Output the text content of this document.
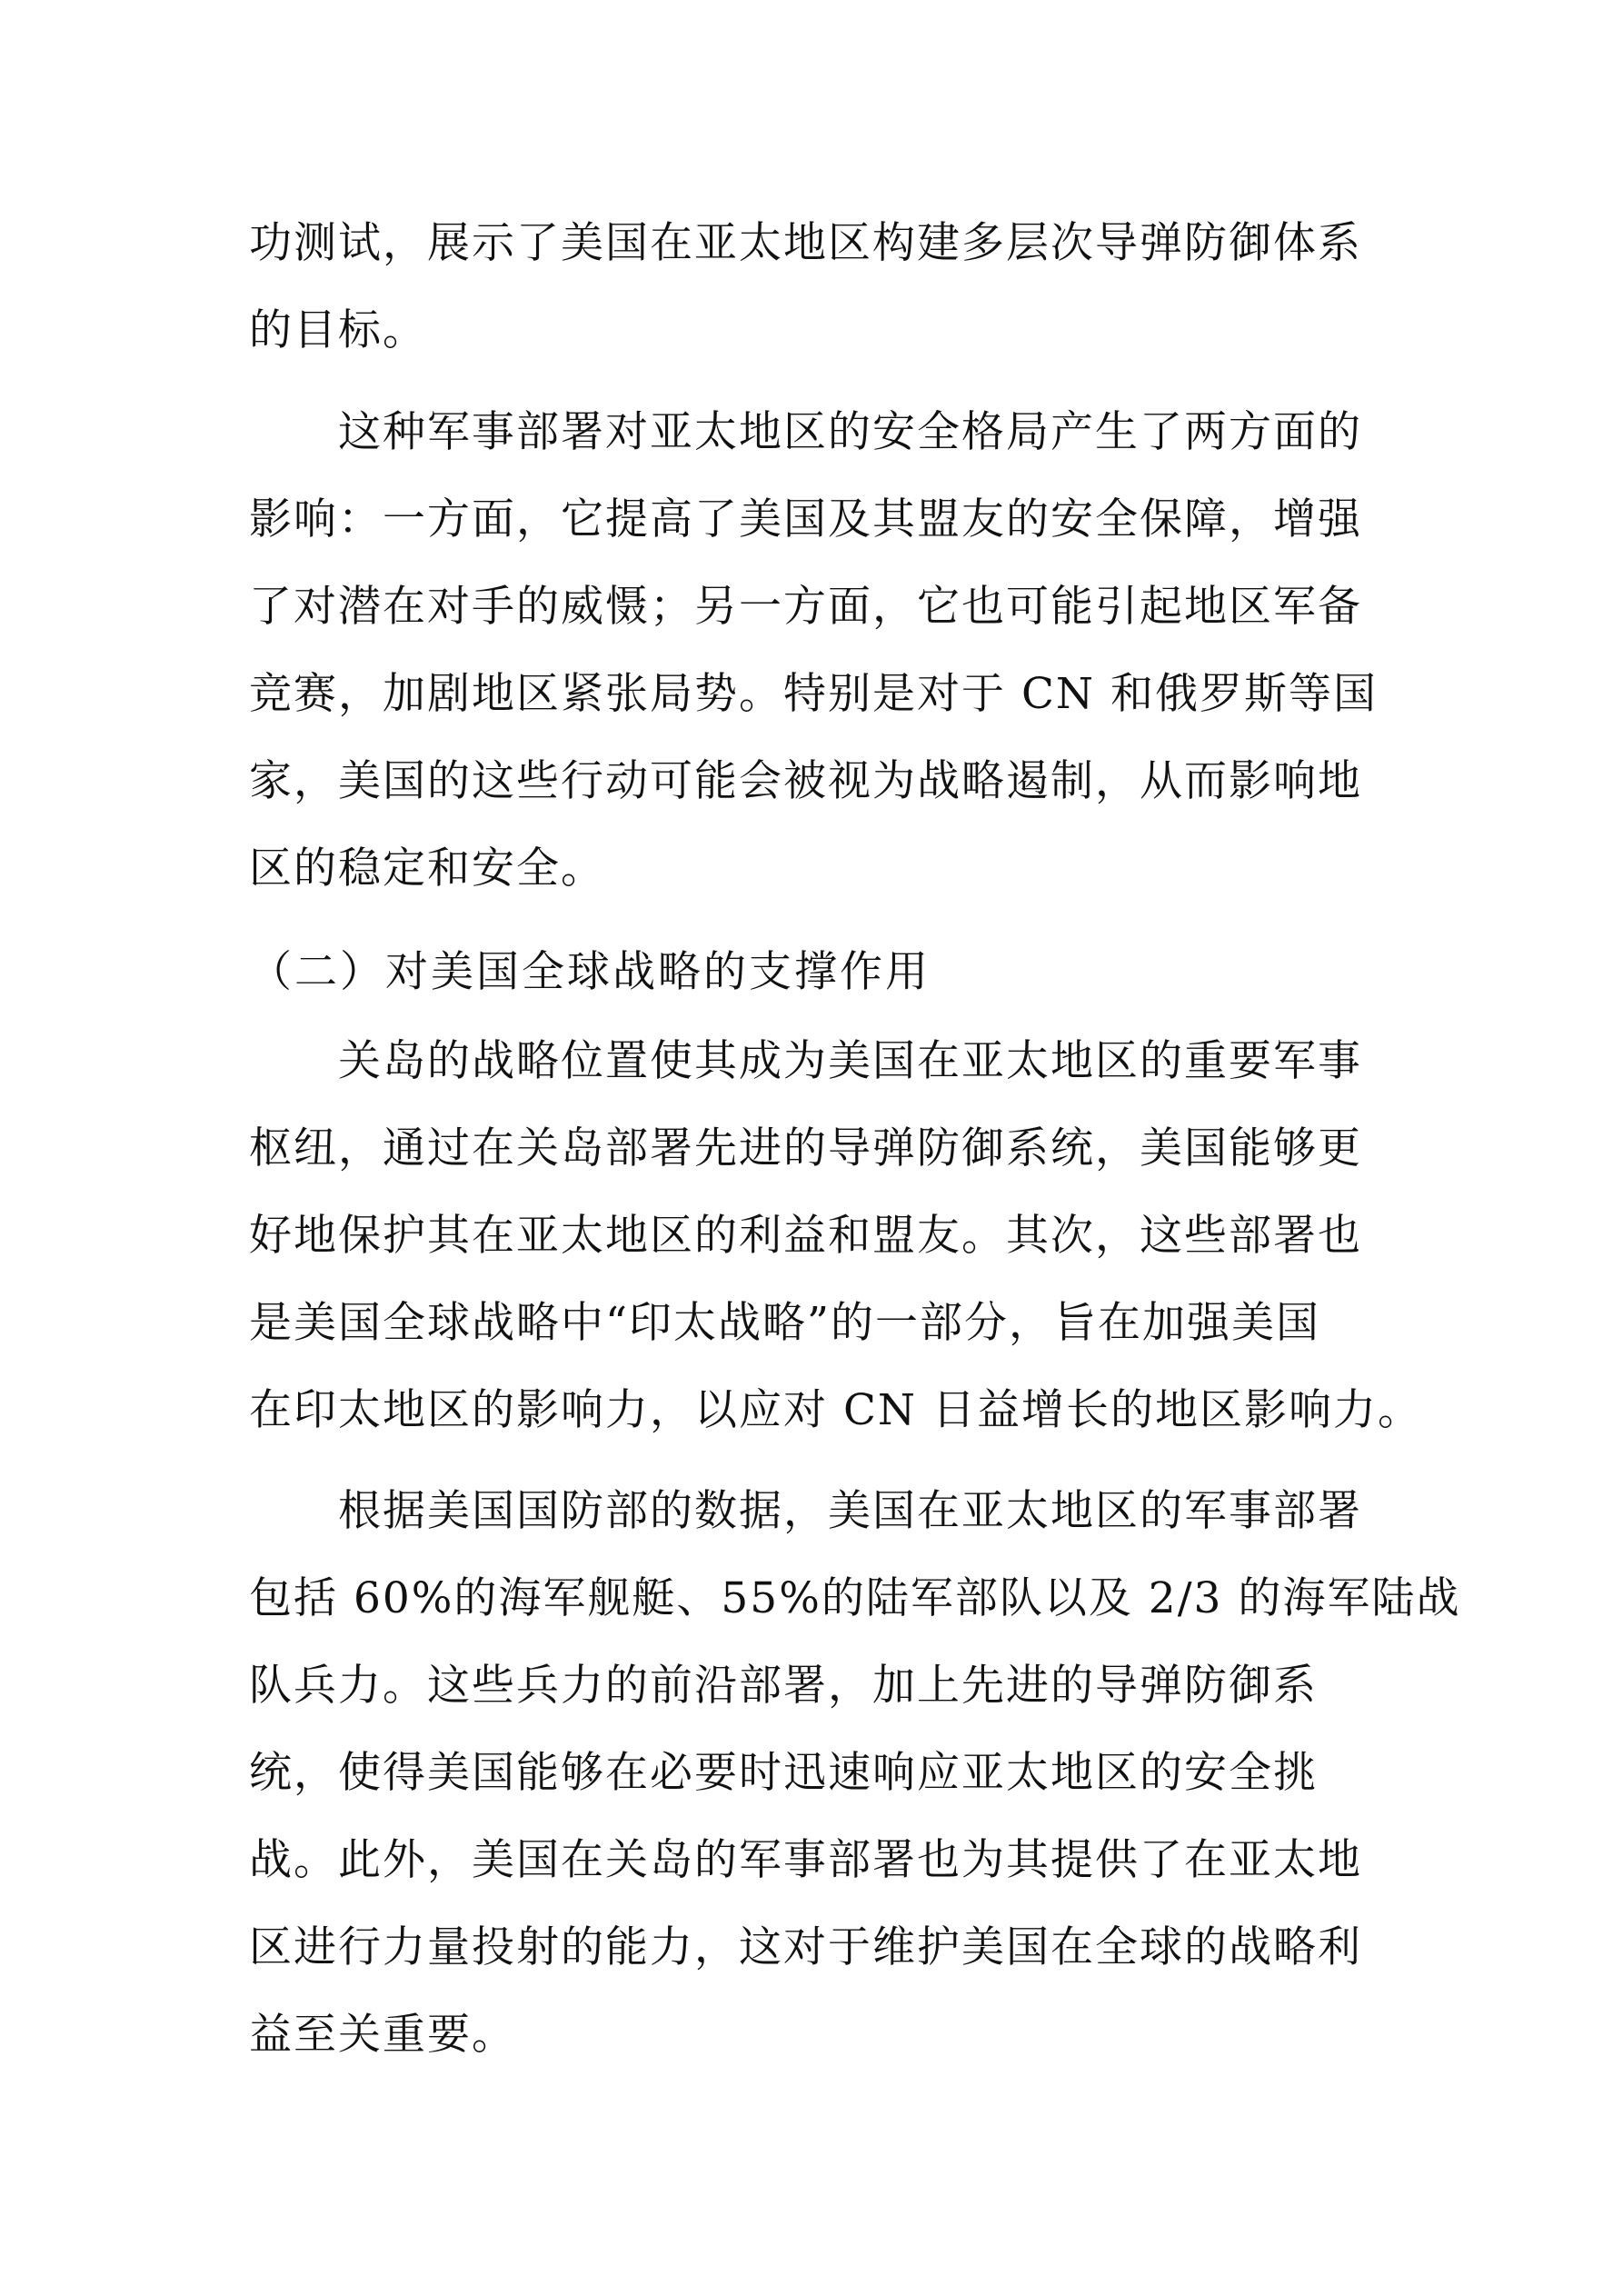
功测试，展示了美国在亚太地区构建多层次导弹防御体系
的目标。
　　这种军事部署对亚太地区的安全格局产生了两方面的
影响：一方面，它提高了美国及其盟友的安全保障，增强
了对潜在对手的威慑；另一方面，它也可能引起地区军备
竞赛，加剧地区紧张局势。特别是对于 CN 和俄罗斯等国
家，美国的这些行动可能会被视为战略遏制，从而影响地
区的稳定和安全。
（二）对美国全球战略的支撑作用
　　关岛的战略位置使其成为美国在亚太地区的重要军事
枢纽，通过在关岛部署先进的导弹防御系统，美国能够更
好地保护其在亚太地区的利益和盟友。其次，这些部署也
是美国全球战略中“印太战略”的一部分，旨在加强美国
在印太地区的影响力，以应对 CN 日益增长的地区影响力。
　　根据美国国防部的数据，美国在亚太地区的军事部署
包括 60%的海军舰艇、55%的陆军部队以及 2/3 的海军陆战
队兵力。这些兵力的前沿部署，加上先进的导弹防御系
统，使得美国能够在必要时迅速响应亚太地区的安全挑
战。此外，美国在关岛的军事部署也为其提供了在亚太地
区进行力量投射的能力，这对于维护美国在全球的战略利
益至关重要。
